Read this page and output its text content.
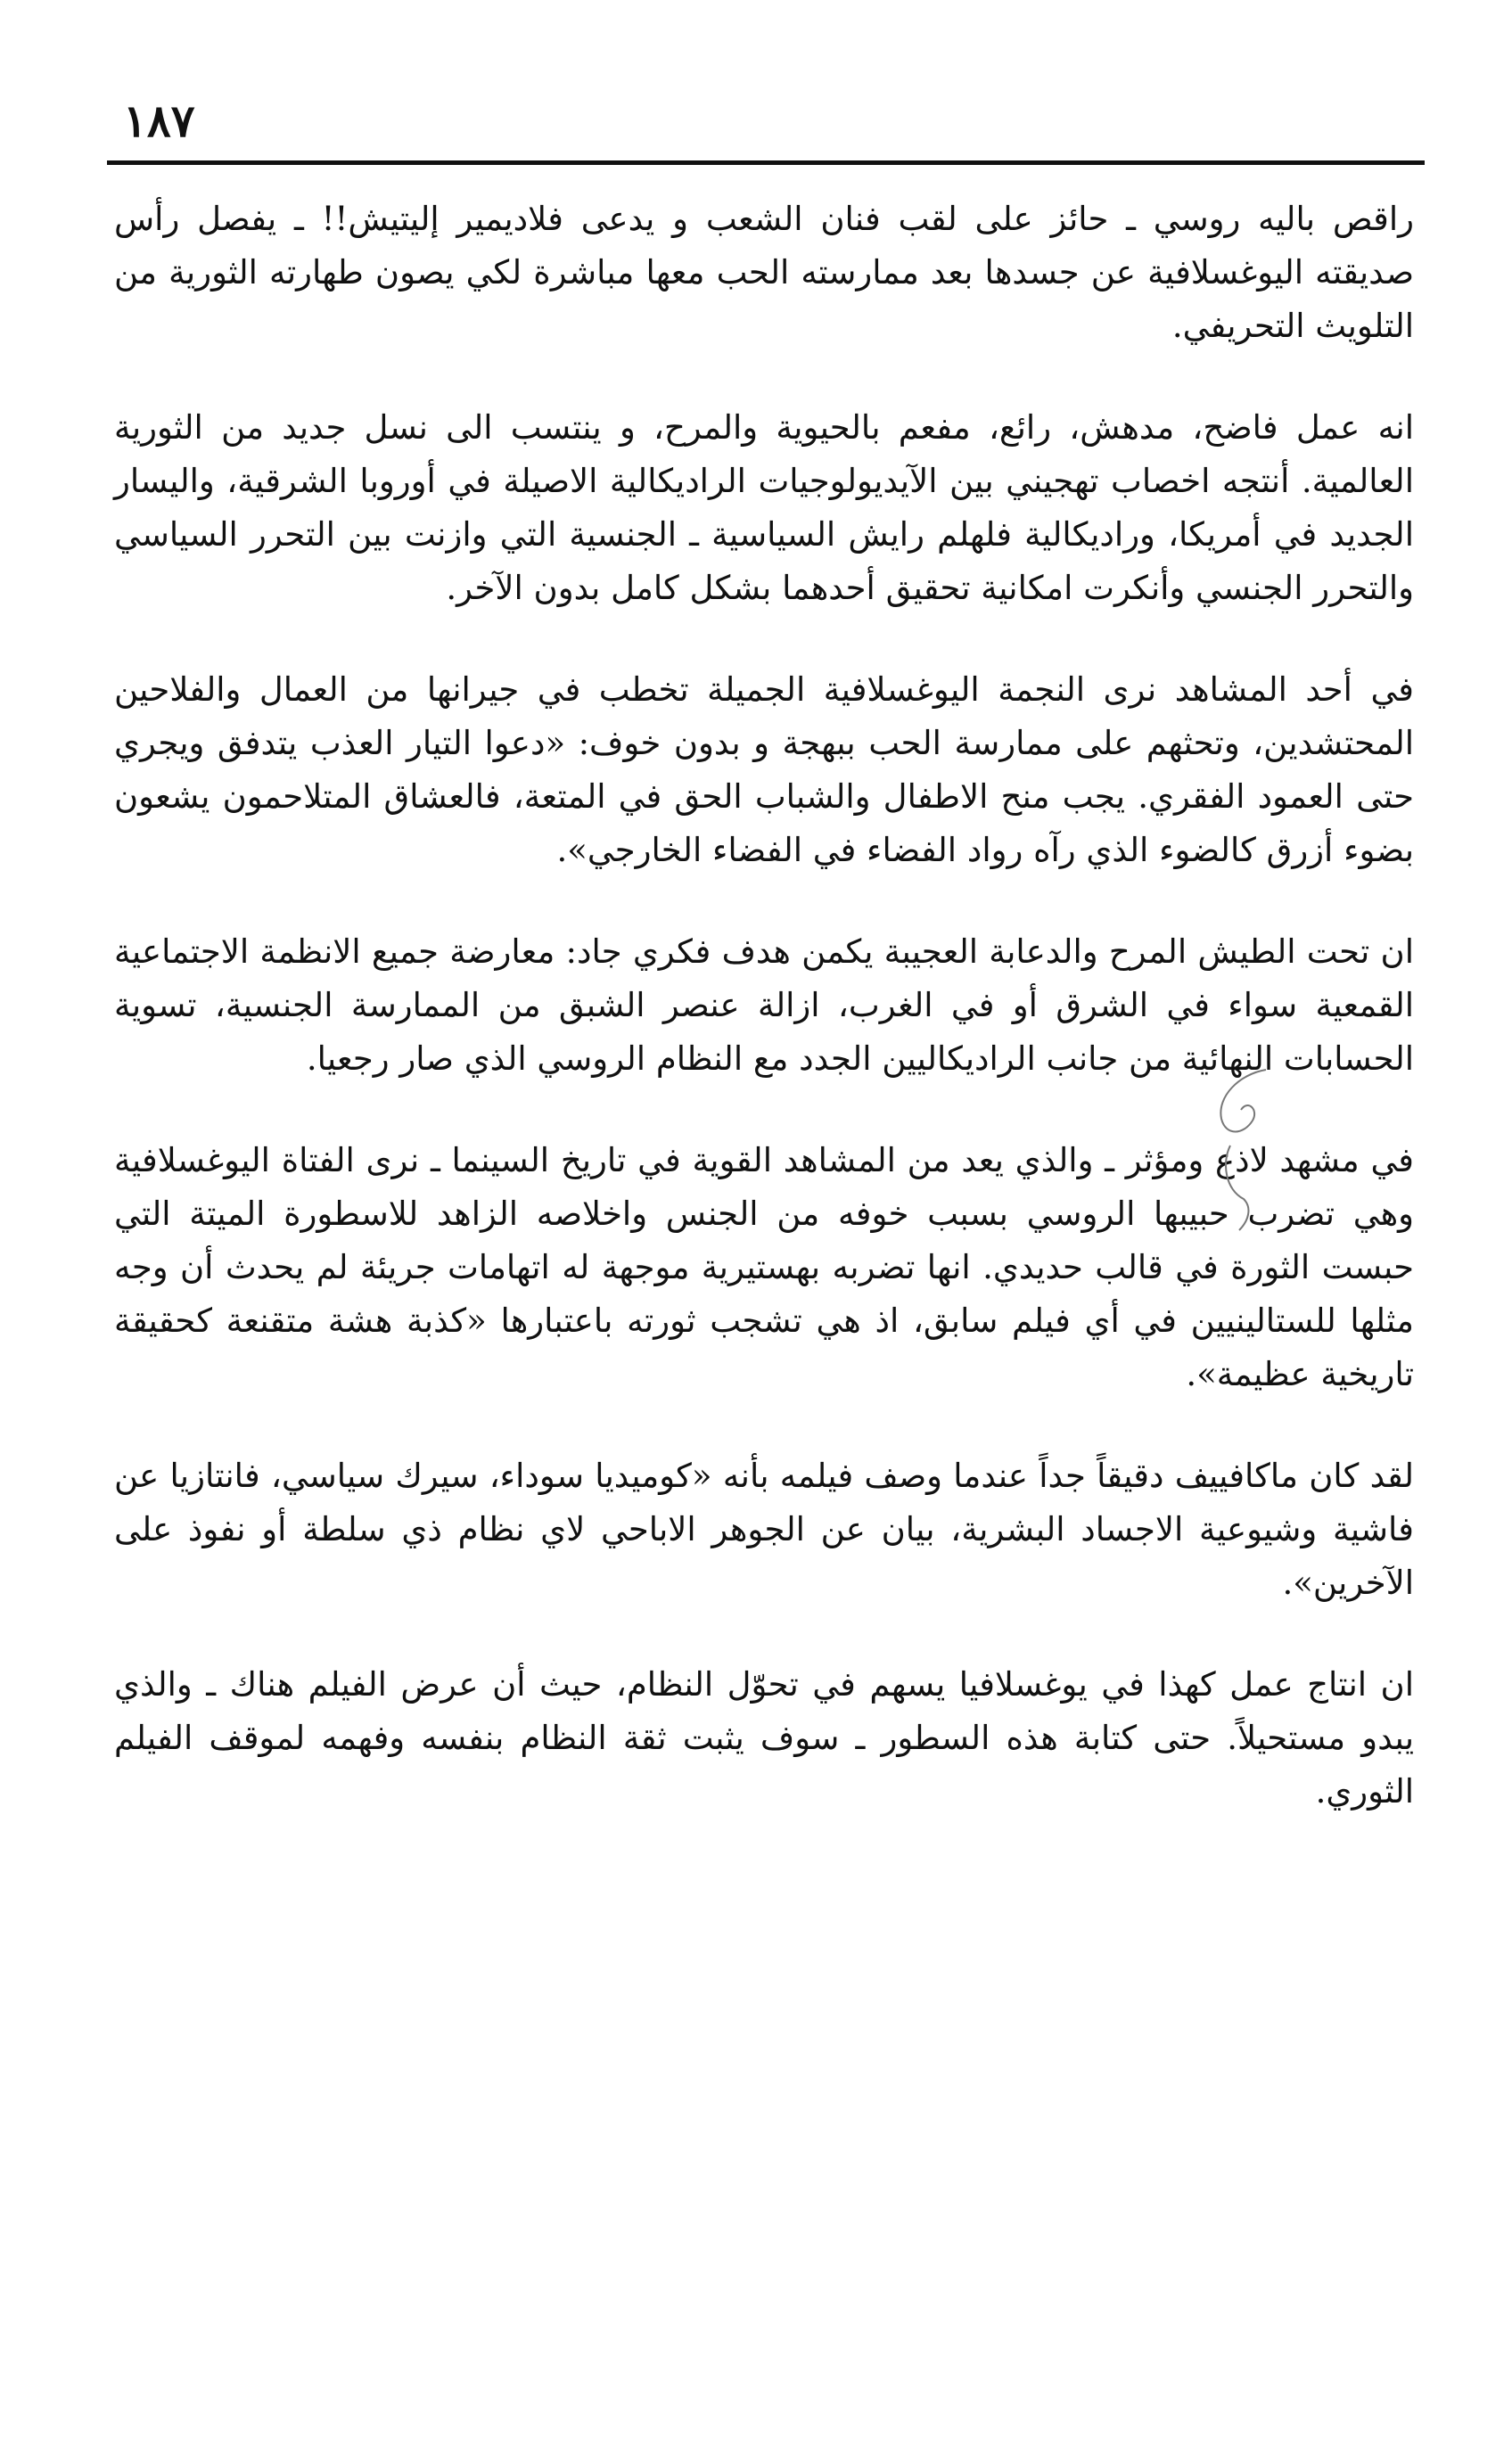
١٨٧

راقص باليه روسي ـ حائز على لقب فنان الشعب و يدعى فلاديمير إليتيش!! ـ يفصل رأس صديقته اليوغسلافية عن جسدها بعد ممارسته الحب معها مباشرة لكي يصون طهارته الثورية من التلويث التحريفي.

انه عمل فاضح، مدهش، رائع، مفعم بالحيوية والمرح، و ينتسب الى نسل جديد من الثورية العالمية. أنتجه اخصاب تهجيني بين الآيديولوجيات الراديكالية الاصيلة في أوروبا الشرقية، واليسار الجديد في أمريكا، وراديكالية فلهلم رايش السياسية ـ الجنسية التي وازنت بين التحرر السياسي والتحرر الجنسي وأنكرت امكانية تحقيق أحدهما بشكل كامل بدون الآخر.

في أحد المشاهد نرى النجمة اليوغسلافية الجميلة تخطب في جيرانها من العمال والفلاحين المحتشدين، وتحثهم على ممارسة الحب ببهجة و بدون خوف: «دعوا التيار العذب يتدفق ويجري حتى العمود الفقري. يجب منح الاطفال والشباب الحق في المتعة، فالعشاق المتلاحمون يشعون بضوء أزرق كالضوء الذي رآه رواد الفضاء في الفضاء الخارجي».

ان تحت الطيش المرح والدعابة العجيبة يكمن هدف فكري جاد: معارضة جميع الانظمة الاجتماعية القمعية سواء في الشرق أو في الغرب، ازالة عنصر الشبق من الممارسة الجنسية، تسوية الحسابات النهائية من جانب الراديكاليين الجدد مع النظام الروسي الذي صار رجعيا.

في مشهد لاذع ومؤثر ـ والذي يعد من المشاهد القوية في تاريخ السينما ـ نرى الفتاة اليوغسلافية وهي تضرب حبيبها الروسي بسبب خوفه من الجنس واخلاصه الزاهد للاسطورة الميتة التي حبست الثورة في قالب حديدي. انها تضربه بهستيرية موجهة له اتهامات جريئة لم يحدث أن وجه مثلها للستالينيين في أي فيلم سابق، اذ هي تشجب ثورته باعتبارها «كذبة هشة متقنعة كحقيقة تاريخية عظيمة».

لقد كان ماكافييف دقيقاً جداً عندما وصف فيلمه بأنه «كوميديا سوداء، سيرك سياسي، فانتازيا عن فاشية وشيوعية الاجساد البشرية، بيان عن الجوهر الاباحي لاي نظام ذي سلطة أو نفوذ على الآخرين».

ان انتاج عمل كهذا في يوغسلافيا يسهم في تحوّل النظام، حيث أن عرض الفيلم هناك ـ والذي يبدو مستحيلاً. حتى كتابة هذه السطور ـ سوف يثبت ثقة النظام بنفسه وفهمه لموقف الفيلم الثوري.
